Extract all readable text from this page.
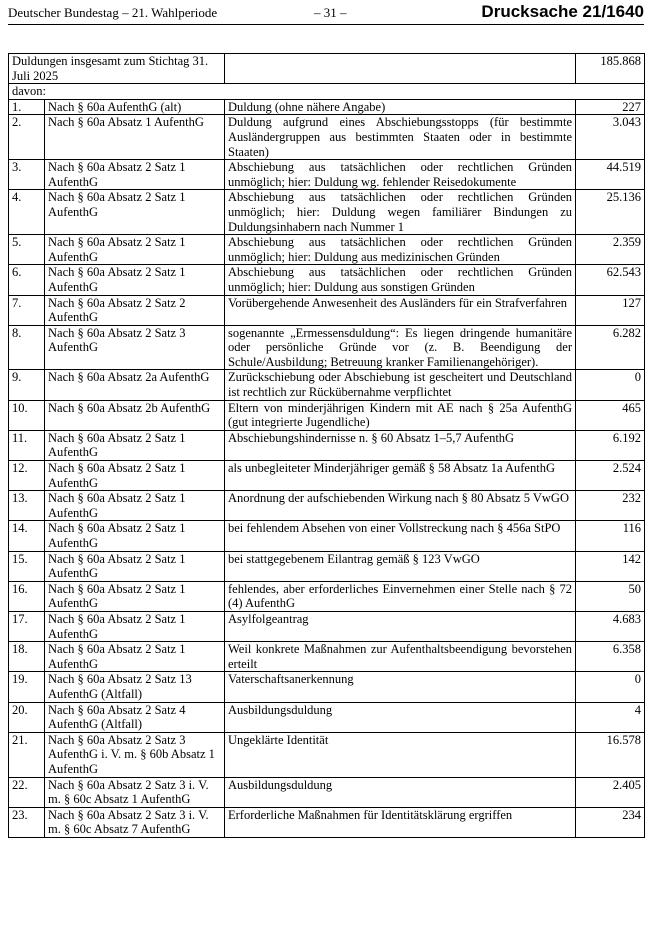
Deutscher Bundestag – 21. Wahlperiode	– 31 –	Drucksache 21/1640
Duldungen insgesamt zum Stichtag 31. Juli 2025			185.868
davon:			
1.	Nach § 60a AufenthG (alt)	Duldung (ohne nähere Angabe)	227
2.	Nach § 60a Absatz 1 AufenthG	Duldung aufgrund eines Abschiebungsstopps (für bestimmte Ausländergruppen aus bestimmten Staaten oder in bestimmte Staaten)	3.043
3.	Nach § 60a Absatz 2 Satz 1 AufenthG	Abschiebung aus tatsächlichen oder rechtlichen Gründen unmöglich; hier: Duldung wg. fehlender Reisedokumente	44.519
4.	Nach § 60a Absatz 2 Satz 1 AufenthG	Abschiebung aus tatsächlichen oder rechtlichen Gründen unmöglich; hier: Duldung wegen familiärer Bindungen zu Duldungsinhabern nach Nummer 1	25.136
5.	Nach § 60a Absatz 2 Satz 1 AufenthG	Abschiebung aus tatsächlichen oder rechtlichen Gründen unmöglich; hier: Duldung aus medizinischen Gründen	2.359
6.	Nach § 60a Absatz 2 Satz 1 AufenthG	Abschiebung aus tatsächlichen oder rechtlichen Gründen unmöglich; hier: Duldung aus sonstigen Gründen	62.543
7.	Nach § 60a Absatz 2 Satz 2 AufenthG	Vorübergehende Anwesenheit des Ausländers für ein Strafverfahren	127
8.	Nach § 60a Absatz 2 Satz 3 AufenthG	sogenannte „Ermessensduldung“: Es liegen dringende humanitäre oder persönliche Gründe vor (z. B. Beendigung der Schule/Ausbildung; Betreuung kranker Familienangehöriger).	6.282
9.	Nach § 60a Absatz 2a AufenthG	Zurückschiebung oder Abschiebung ist gescheitert und Deutschland ist rechtlich zur Rückübernahme verpflichtet	0
10.	Nach § 60a Absatz 2b AufenthG	Eltern von minderjährigen Kindern mit AE nach § 25a AufenthG (gut integrierte Jugendliche)	465
11.	Nach § 60a Absatz 2 Satz 1 AufenthG	Abschiebungshindernisse n. § 60 Absatz 1–5,7 AufenthG	6.192
12.	Nach § 60a Absatz 2 Satz 1 AufenthG	als unbegleiteter Minderjähriger gemäß § 58 Absatz 1a AufenthG	2.524
13.	Nach § 60a Absatz 2 Satz 1 AufenthG	Anordnung der aufschiebenden Wirkung nach § 80 Absatz 5 VwGO	232
14.	Nach § 60a Absatz 2 Satz 1 AufenthG	bei fehlendem Absehen von einer Vollstreckung nach § 456a StPO	116
15.	Nach § 60a Absatz 2 Satz 1 AufenthG	bei stattgegebenem Eilantrag gemäß § 123 VwGO	142
16.	Nach § 60a Absatz 2 Satz 1 AufenthG	fehlendes, aber erforderliches Einvernehmen einer Stelle nach § 72 (4) AufenthG	50
17.	Nach § 60a Absatz 2 Satz 1 AufenthG	Asylfolgeantrag	4.683
18.	Nach § 60a Absatz 2 Satz 1 AufenthG	Weil konkrete Maßnahmen zur Aufenthaltsbeendigung bevorstehen erteilt	6.358
19.	Nach § 60a Absatz 2 Satz 13 AufenthG (Altfall)	Vaterschaftsanerkennung	0
20.	Nach § 60a Absatz 2 Satz 4 AufenthG (Altfall)	Ausbildungsduldung	4
21.	Nach § 60a Absatz 2 Satz 3 AufenthG i. V. m. § 60b Absatz 1 AufenthG	Ungeklärte Identität	16.578
22.	Nach § 60a Absatz 2 Satz 3 i. V. m. § 60c Absatz 1 AufenthG	Ausbildungsduldung	2.405
23.	Nach § 60a Absatz 2 Satz 3 i. V. m. § 60c Absatz 7 AufenthG	Erforderliche Maßnahmen für Identitätsklärung ergriffen	234
